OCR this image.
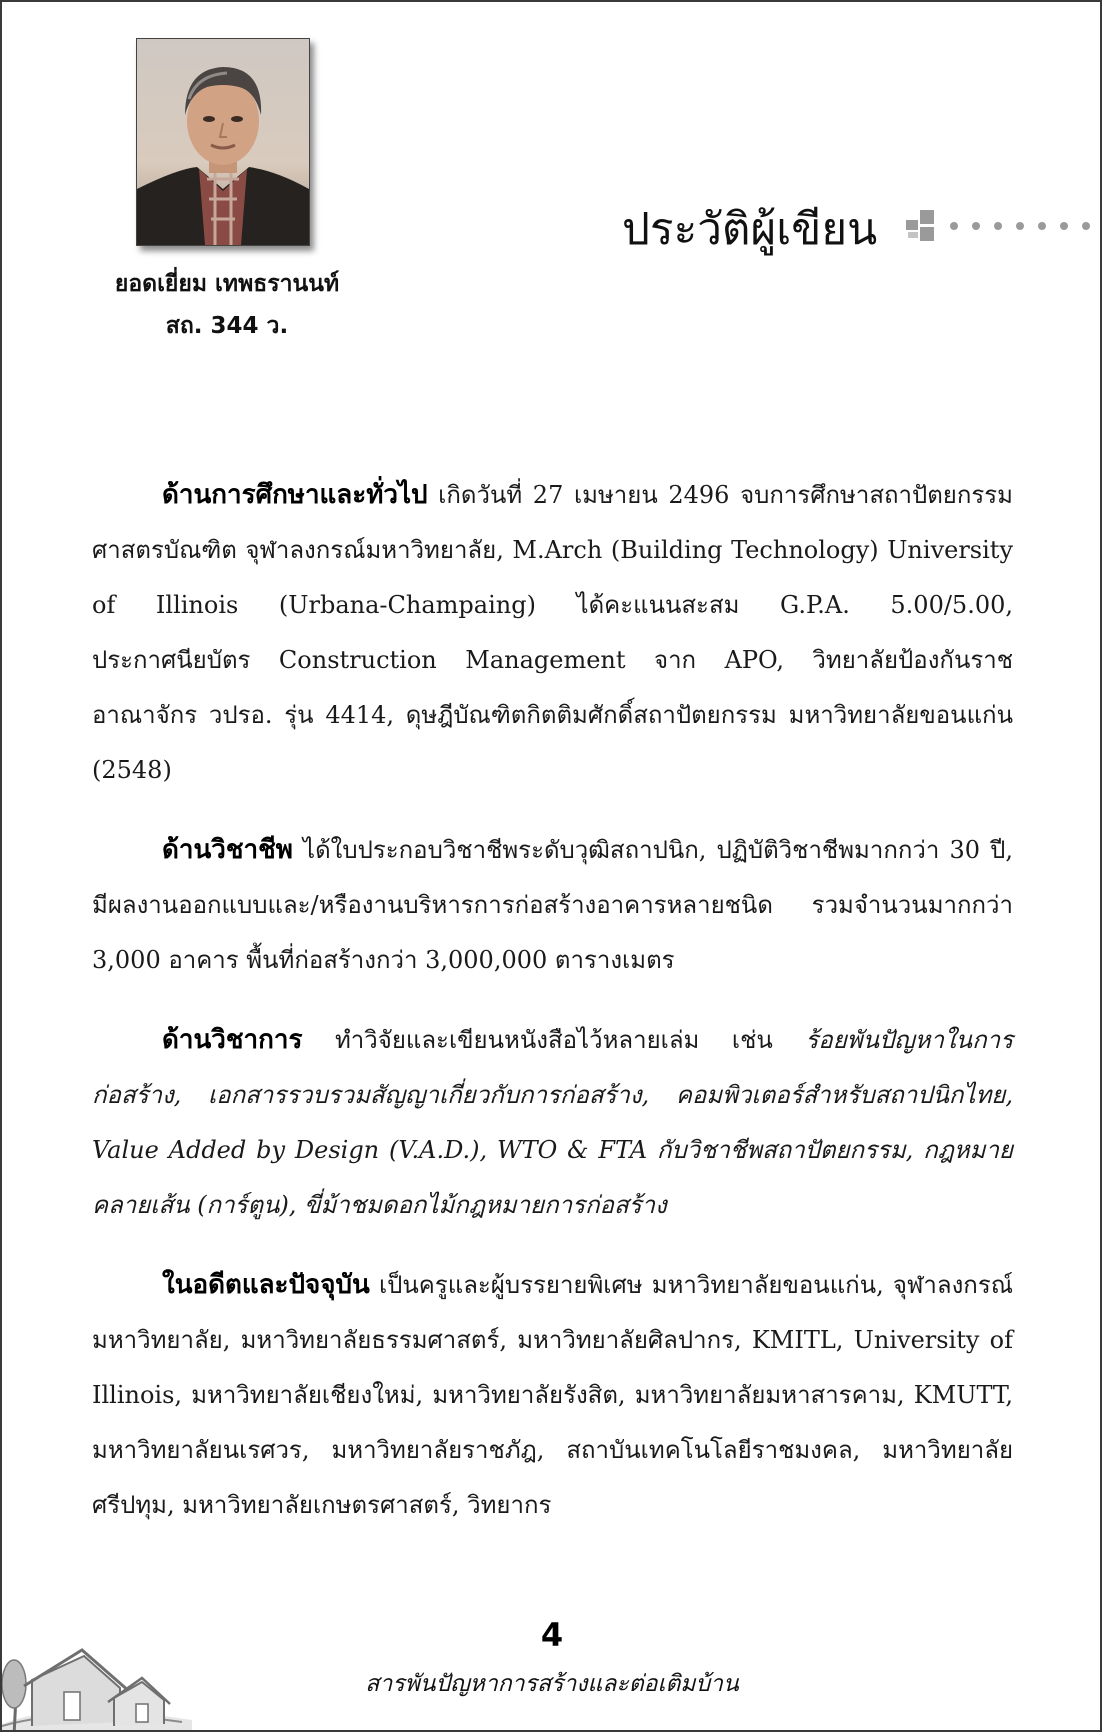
ยอดเยี่ยม เทพธรานนท์
สถ. 344 ว.
ประวัติผู้เขียน

ด้านการศึกษาและทั่วไป เกิดวันที่ 27 เมษายน 2496 จบการศึกษาสถาปัตยกรรมศาสตรบัณฑิต จุฬาลงกรณ์มหาวิทยาลัย, M.Arch (Building Technology) University of Illinois (Urbana-Champaing) ได้คะแนนสะสม G.P.A. 5.00/5.00, ประกาศนียบัตร Construction Management จาก APO, วิทยาลัยป้องกันราชอาณาจักร วปรอ. รุ่น 4414, ดุษฎีบัณฑิตกิตติมศักดิ์สถาปัตยกรรม มหาวิทยาลัยขอนแก่น (2548)

ด้านวิชาชีพ ได้ใบประกอบวิชาชีพระดับวุฒิสถาปนิก, ปฏิบัติวิชาชีพมากกว่า 30 ปี, มีผลงานออกแบบและ/หรืองานบริหารการก่อสร้างอาคารหลายชนิด รวมจำนวนมากกว่า 3,000 อาคาร พื้นที่ก่อสร้างกว่า 3,000,000 ตารางเมตร

ด้านวิชาการ ทำวิจัยและเขียนหนังสือไว้หลายเล่ม เช่น ร้อยพันปัญหาในการก่อสร้าง, เอกสารรวบรวมสัญญาเกี่ยวกับการก่อสร้าง, คอมพิวเตอร์สำหรับสถาปนิกไทย, Value Added by Design (V.A.D.), WTO & FTA กับวิชาชีพสถาปัตยกรรม, กฎหมายคลายเส้น (การ์ตูน), ขี่ม้าชมดอกไม้กฎหมายการก่อสร้าง

ในอดีตและปัจจุบัน เป็นครูและผู้บรรยายพิเศษ มหาวิทยาลัยขอนแก่น, จุฬาลงกรณ์มหาวิทยาลัย, มหาวิทยาลัยธรรมศาสตร์, มหาวิทยาลัยศิลปากร, KMITL, University of Illinois, มหาวิทยาลัยเชียงใหม่, มหาวิทยาลัยรังสิต, มหาวิทยาลัยมหาสารคาม, KMUTT, มหาวิทยาลัยนเรศวร, มหาวิทยาลัยราชภัฎ, สถาบันเทคโนโลยีราชมงคล, มหาวิทยาลัยศรีปทุม, มหาวิทยาลัยเกษตรศาสตร์, วิทยากร

4
สารพันปัญหาการสร้างและต่อเติมบ้าน
